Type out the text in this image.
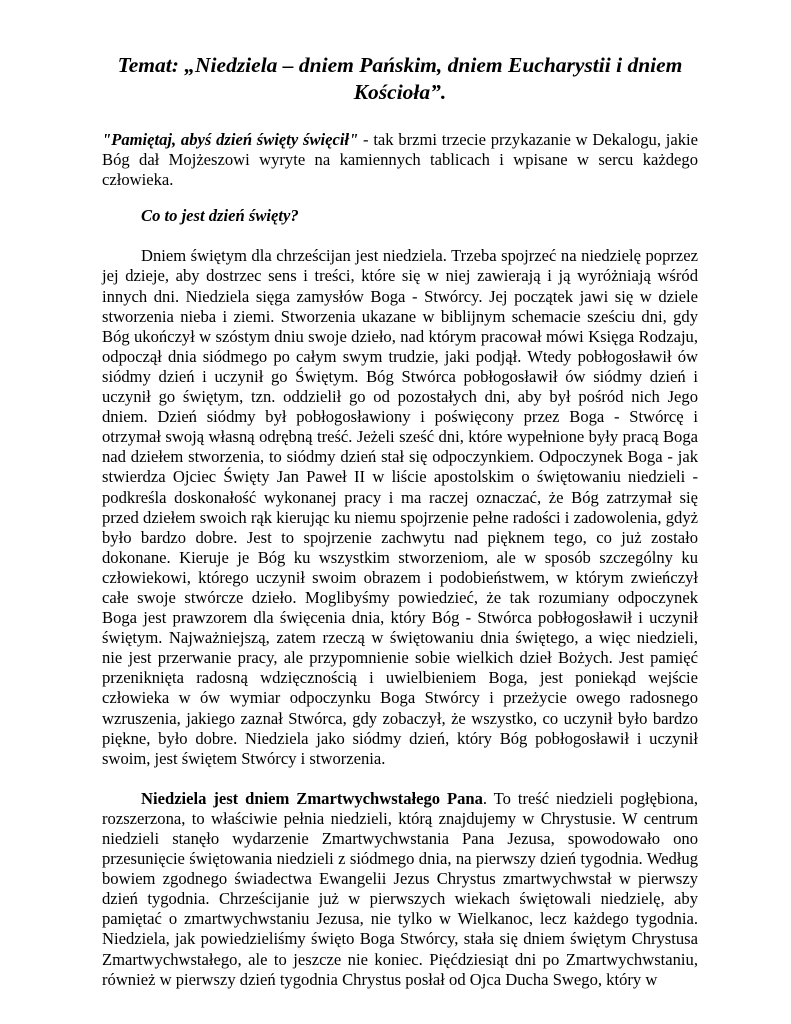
Temat: „Niedziela – dniem Pańskim, dniem Eucharystii i dniem Kościoła”.

"Pamiętaj, abyś dzień święty święcił" - tak brzmi trzecie przykazanie w Dekalogu, jakie Bóg dał Mojżeszowi wyryte na kamiennych tablicach i wpisane w sercu każdego człowieka.

Co to jest dzień święty?

Dniem świętym dla chrześcijan jest niedziela. Trzeba spojrzeć na niedzielę poprzez jej dzieje, aby dostrzec sens i treści, które się w niej zawierają i ją wyróżniają wśród innych dni. Niedziela sięga zamysłów Boga - Stwórcy. Jej początek jawi się w dziele stworzenia nieba i ziemi. Stworzenia ukazane w biblijnym schemacie sześciu dni, gdy Bóg ukończył w szóstym dniu swoje dzieło, nad którym pracował mówi Księga Rodzaju, odpoczął dnia siódmego po całym swym trudzie, jaki podjął. Wtedy pobłogosławił ów siódmy dzień i uczynił go Świętym. Bóg Stwórca pobłogosławił ów siódmy dzień i uczynił go świętym, tzn. oddzielił go od pozostałych dni, aby był pośród nich Jego dniem. Dzień siódmy był pobłogosławiony i poświęcony przez Boga - Stwórcę i otrzymał swoją własną odrębną treść. Jeżeli sześć dni, które wypełnione były pracą Boga nad dziełem stworzenia, to siódmy dzień stał się odpoczynkiem. Odpoczynek Boga - jak stwierdza Ojciec Święty Jan Paweł II w liście apostolskim o świętowaniu niedzieli - podkreśla doskonałość wykonanej pracy i ma raczej oznaczać, że Bóg zatrzymał się przed dziełem swoich rąk kierując ku niemu spojrzenie pełne radości i zadowolenia, gdyż było bardzo dobre. Jest to spojrzenie zachwytu nad pięknem tego, co już zostało dokonane. Kieruje je Bóg ku wszystkim stworzeniom, ale w sposób szczególny ku człowiekowi, którego uczynił swoim obrazem i podobieństwem, w którym zwieńczył całe swoje stwórcze dzieło. Moglibyśmy powiedzieć, że tak rozumiany odpoczynek Boga jest prawzorem dla święcenia dnia, który Bóg - Stwórca pobłogosławił i uczynił świętym. Najważniejszą, zatem rzeczą w świętowaniu dnia świętego, a więc niedzieli, nie jest przerwanie pracy, ale przypomnienie sobie wielkich dzieł Bożych. Jest pamięć przeniknięta radosną wdzięcznością i uwielbieniem Boga, jest poniekąd wejście człowieka w ów wymiar odpoczynku Boga Stwórcy i przeżycie owego radosnego wzruszenia, jakiego zaznał Stwórca, gdy zobaczył, że wszystko, co uczynił było bardzo piękne, było dobre. Niedziela jako siódmy dzień, który Bóg pobłogosławił i uczynił swoim, jest świętem Stwórcy i stworzenia.

Niedziela jest dniem Zmartwychwstałego Pana. To treść niedzieli pogłębiona, rozszerzona, to właściwie pełnia niedzieli, którą znajdujemy w Chrystusie. W centrum niedzieli stanęło wydarzenie Zmartwychwstania Pana Jezusa, spowodowało ono przesunięcie świętowania niedzieli z siódmego dnia, na pierwszy dzień tygodnia. Według bowiem zgodnego świadectwa Ewangelii Jezus Chrystus zmartwychwstał w pierwszy dzień tygodnia. Chrześcijanie już w pierwszych wiekach świętowali niedzielę, aby pamiętać o zmartwychwstaniu Jezusa, nie tylko w Wielkanoc, lecz każdego tygodnia. Niedziela, jak powiedzieliśmy święto Boga Stwórcy, stała się dniem świętym Chrystusa Zmartwychwstałego, ale to jeszcze nie koniec. Pięćdziesiąt dni po Zmartwychwstaniu, również w pierwszy dzień tygodnia Chrystus posłał od Ojca Ducha Swego, który w
